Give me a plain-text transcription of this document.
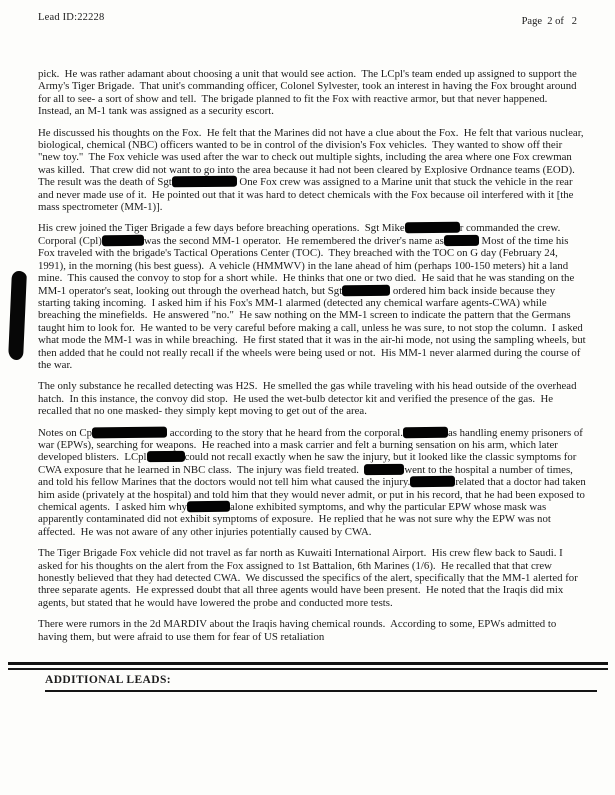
Lead ID:22228	Page  2 of   2

pick.  He was rather adamant about choosing a unit that would see action.  The LCpl's team ended up assigned to support the Army's Tiger Brigade.  That unit's commanding officer, Colonel Sylvester, took an interest in having the Fox brought around for all to see- a sort of show and tell.  The brigade planned to fit the Fox with reactive armor, but that never happened.  Instead, an M-1 tank was assigned as a security escort.

He discussed his thoughts on the Fox.  He felt that the Marines did not have a clue about the Fox.  He felt that various nuclear, biological, chemical (NBC) officers wanted to be in control of the division's Fox vehicles.  They wanted to show off their "new toy."  The Fox vehicle was used after the war to check out multiple sights, including the area where one Fox crewman was killed.  That crew did not want to go into the area because it had not been cleared by Explosive Ordnance teams (EOD).  The result was the death of Sgt	One Fox crew was assigned to a Marine unit that stuck the vehicle in the rear and never made use of it.  He pointed out that it was hard to detect chemicals with the Fox because oil interfered with it [the mass spectrometer (MM-1)].

His crew joined the Tiger Brigade a few days before breaching operations.  Sgt Mike	r commanded the crew.  Corporal (Cpl)	was the second MM-1 operator.  He remembered the driver's name as	Most of the time his Fox traveled with the brigade's Tactical Operations Center (TOC).  They breached with the TOC on G day (February 24, 1991), in the morning (his best guess).  A vehicle (HMMWV) in the lane ahead of him (perhaps 100-150 meters) hit a land mine.  This caused the convoy to stop for a short while.  He thinks that one or two died.  He said that he was standing on the MM-1 operator's seat, looking out through the overhead hatch, but Sgt	ordered him back inside because they starting taking incoming.  I asked him if his Fox's MM-1 alarmed (detected any chemical warfare agents-CWA) while breaching the minefields.  He answered "no."  He saw nothing on the MM-1 screen to indicate the pattern that the Germans taught him to look for.  He wanted to be very careful before making a call, unless he was sure, to not stop the column.  I asked what mode the MM-1 was in while breaching.  He first stated that it was in the air-hi mode, not using the sampling wheels, but then added that he could not really recall if the wheels were being used or not.  His MM-1 never alarmed during the course of the war.

The only substance he recalled detecting was H2S.  He smelled the gas while traveling with his head outside of the overhead hatch.  In this instance, the convoy did stop.  He used the wet-bulb detector kit and verified the presence of the gas.  He recalled that no one masked- they simply kept moving to get out of the area.

Notes on Cp	according to the story that he heard from the corporal.	as handling enemy prisoners of war (EPWs), searching for weapons.  He reached into a mask carrier and felt a burning sensation on his arm, which later developed blisters.  LCpl	could not recall exactly when he saw the injury, but it looked like the classic symptoms for CWA exposure that he learned in NBC class.  The injury was field treated.	went to the hospital a number of times, and told his fellow Marines that the doctors would not tell him what caused the injury.	related that a doctor had taken him aside (privately at the hospital) and told him that they would never admit, or put in his record, that he had been exposed to chemical agents.  I asked him why	alone exhibited symptoms, and why the particular EPW whose mask was apparently contaminated did not exhibit symptoms of exposure.  He replied that he was not sure why the EPW was not affected.  He was not aware of any other injuries potentially caused by CWA.

The Tiger Brigade Fox vehicle did not travel as far north as Kuwaiti International Airport.  His crew flew back to Saudi. I asked for his thoughts on the alert from the Fox assigned to 1st Battalion, 6th Marines (1/6).  He recalled that that crew honestly believed that they had detected CWA.  We discussed the specifics of the alert, specifically that the MM-1 alerted for three separate agents.  He expressed doubt that all three agents would have been present.  He noted that the Iraqis did mix agents, but stated that he would have lowered the probe and conducted more tests.

There were rumors in the 2d MARDIV about the Iraqis having chemical rounds.  According to some, EPWs admitted to having them, but were afraid to use them for fear of US retaliation

ADDITIONAL LEADS:
